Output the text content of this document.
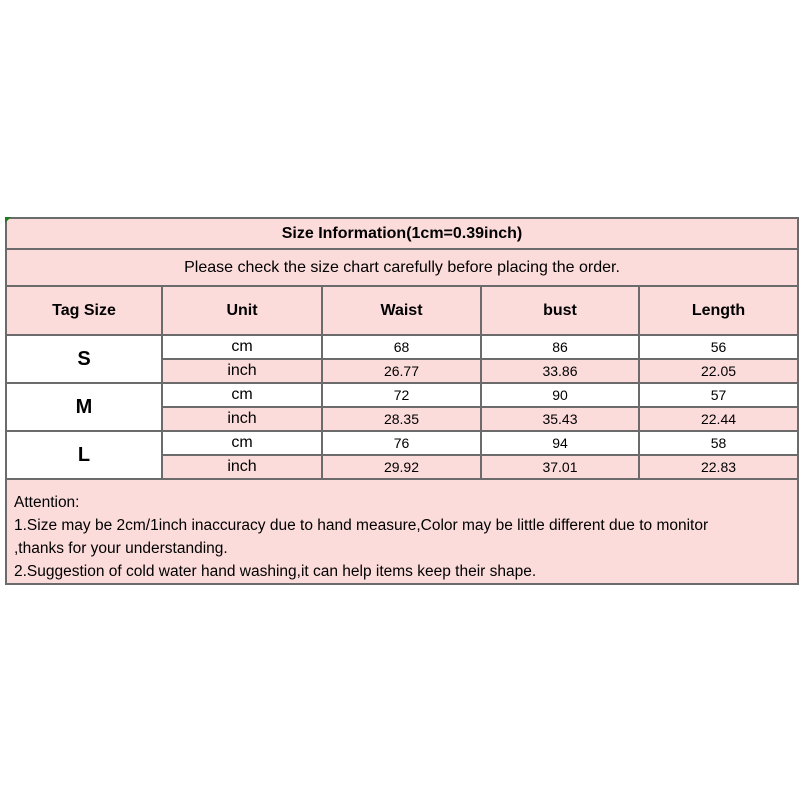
Size Information(1cm=0.39inch)				
Please check the size chart carefully before placing the order.				
Tag Size	Unit	Waist	bust	Length
S	cm	68	86	56
	inch	26.77	33.86	22.05
M	cm	72	90	57
	inch	28.35	35.43	22.44
L	cm	76	94	58
	inch	29.92	37.01	22.83

Attention:
1.Size may be 2cm/1inch inaccuracy due to hand measure,Color may be little different due to monitor
,thanks for your understanding.
2.Suggestion of cold water hand washing,it can help items keep their shape.				
